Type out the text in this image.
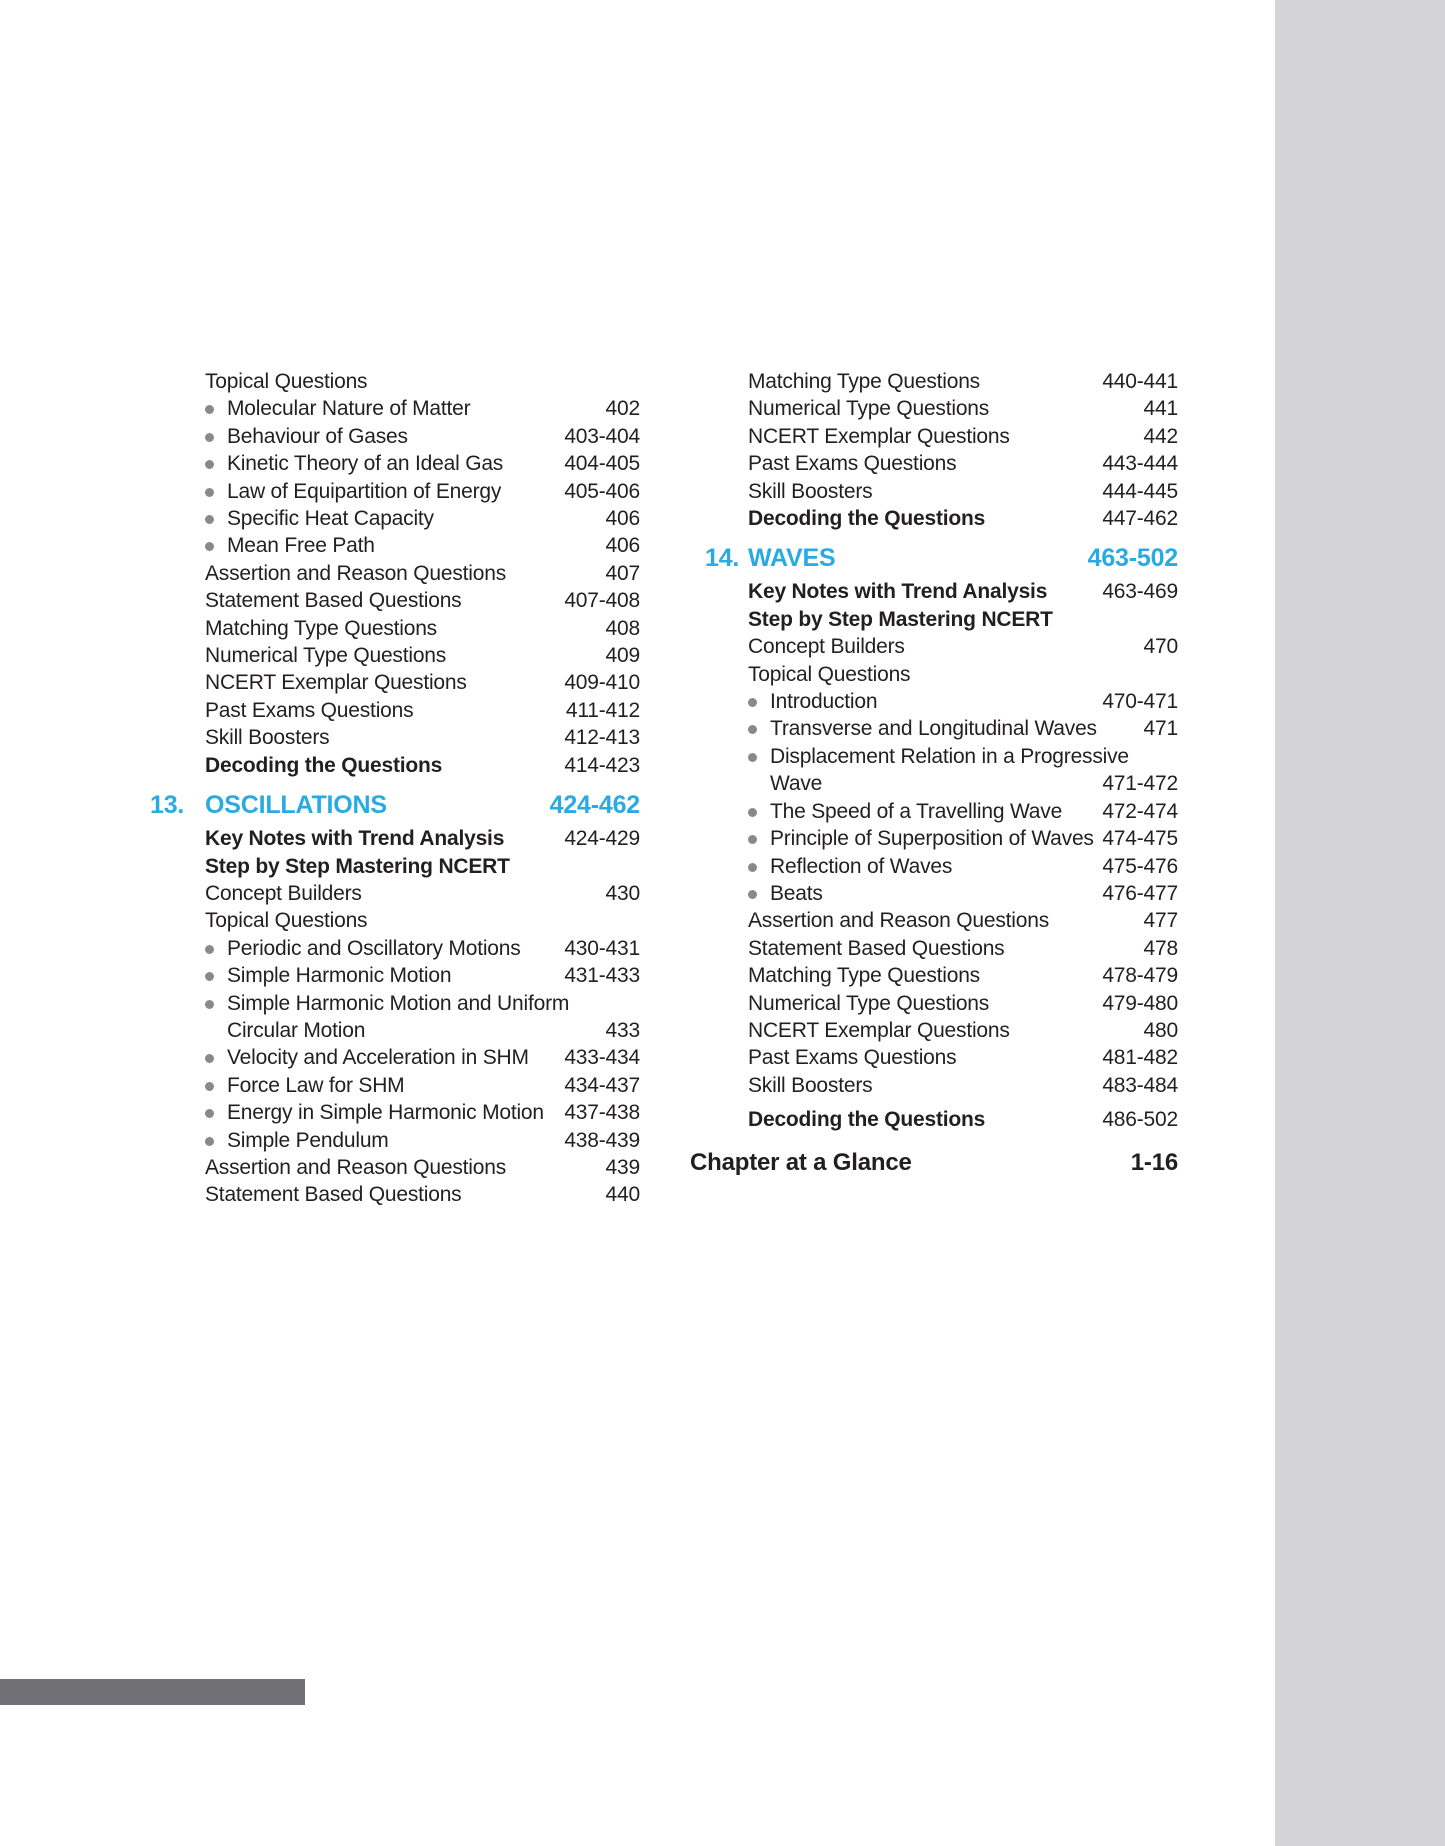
Topical Questions
Molecular Nature of Matter	402
Behaviour of Gases	403-404
Kinetic Theory of an Ideal Gas	404-405
Law of Equipartition of Energy	405-406
Specific Heat Capacity	406
Mean Free Path	406
Assertion and Reason Questions	407
Statement Based Questions	407-408
Matching Type Questions	408
Numerical Type Questions	409
NCERT Exemplar Questions	409-410
Past Exams Questions	411-412
Skill Boosters	412-413
Decoding the Questions	414-423
13. OSCILLATIONS	424-462
Key Notes with Trend Analysis	424-429
Step by Step Mastering NCERT
Concept Builders	430
Topical Questions
Periodic and Oscillatory Motions	430-431
Simple Harmonic Motion	431-433
Simple Harmonic Motion and Uniform
Circular Motion	433
Velocity and Acceleration in SHM	433-434
Force Law for SHM	434-437
Energy in Simple Harmonic Motion 437-438
Simple Pendulum	438-439
Assertion and Reason Questions	439
Statement Based Questions	440
Matching Type Questions	440-441
Numerical Type Questions	441
NCERT Exemplar Questions	442
Past Exams Questions	443-444
Skill Boosters	444-445
Decoding the Questions	447-462
14. WAVES	463-502
Key Notes with Trend Analysis	463-469
Step by Step Mastering NCERT
Concept Builders	470
Topical Questions
Introduction	470-471
Transverse and Longitudinal Waves	471
Displacement Relation in a Progressive
Wave	471-472
The Speed of a Travelling Wave	472-474
Principle of Superposition of Waves 474-475
Reflection of Waves	475-476
Beats	476-477
Assertion and Reason Questions	477
Statement Based Questions	478
Matching Type Questions	478-479
Numerical Type Questions	479-480
NCERT Exemplar Questions	480
Past Exams Questions	481-482
Skill Boosters	483-484
Decoding the Questions	486-502
Chapter at a Glance	1-16
